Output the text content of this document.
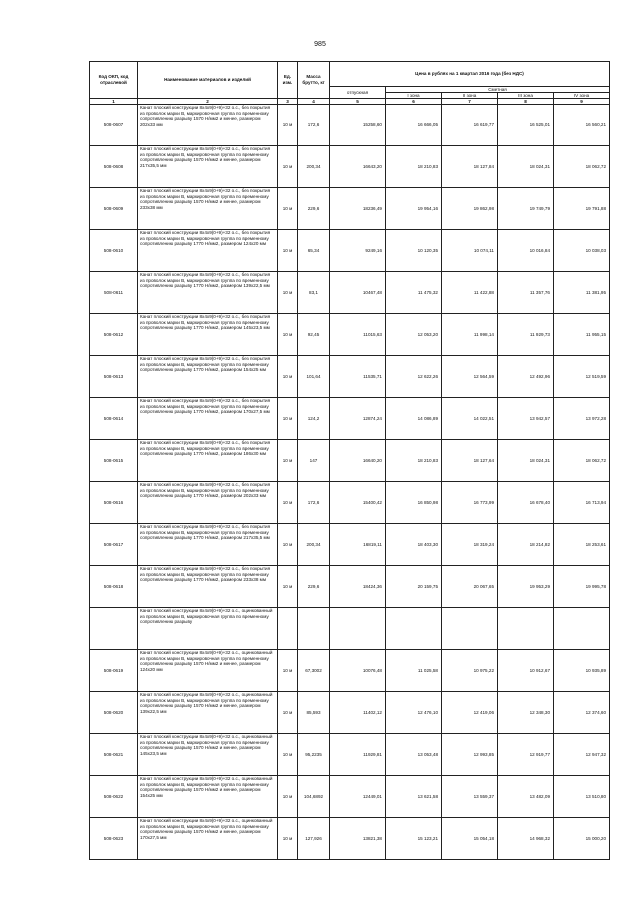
985
Код ОКП, код отраслевой	Наименование материалов и изделий	Ед. изм.	Масса брутто, кг	Цена в рублях на 1 квартал 2016 года (без НДС)				
				отпускная	Сметная			
					I зона	II зона	III зона	IV зона
1	2	3	4	5	6	7	8	9
508-0607	Канат плоский конструкции 8х4х9(0+9)+32 о.с., без покрытия из проволок марки В, маркировочная группа по временному сопротивлению разрыву 1570 Н/мм2 и менее, размером 202х33 мм	10 м	172,6	15258,60	16 666,05	16 619,77	16 525,01	16 560,21
508-0608	Канат плоский конструкции 8х4х9(0+9)+32 о.с., без покрытия из проволок марки В, маркировочная группа по временному сопротивлению разрыву 1570 Н/мм2 и менее, размером 217х35,5 мм	10 м	200,34	16643,20	18 210,83	18 127,84	18 024,31	18 062,72
508-0609	Канат плоский конструкции 8х4х9(0+9)+32 о.с., без покрытия из проволок марки В, маркировочная группа по временному сопротивлению разрыву 1570 Н/мм2 и менее, размером 233х38 мм	10 м	229,6	18236,49	19 954,16	19 862,98	19 749,79	19 791,88
508-0610	Канат плоский конструкции 8х4х9(0+9)+32 о.с., без покрытия из проволок марки В, маркировочная группа по временному сопротивлению разрыву 1770 Н/мм2, размером 124х20 мм	10 м	65,34	9249,16	10 120,35	10 074,11	10 016,84	10 038,03
508-0611	Канат плоский конструкции 8х4х9(0+9)+32 о.с., без покрытия из проволок марки В, маркировочная группа по временному сопротивлению разрыву 1770 Н/мм2, размером 139х22,5 мм	10 м	83,1	10467,48	11 475,32	11 422,88	11 357,76	11 381,95
508-0612	Канат плоский конструкции 8х4х9(0+9)+32 о.с., без покрытия из проволок марки В, маркировочная группа по временному сопротивлению разрыву 1770 Н/мм2, размером 145х23,5 мм	10 м	92,45	11015,63	12 053,20	11 998,14	11 929,73	11 955,15
508-0613	Канат плоский конструкции 8х4х9(0+9)+32 о.с., без покрытия из проволок марки В, маркировочная группа по временному сопротивлению разрыву 1770 Н/мм2, размером 154х25 мм	10 м	101,64	11535,71	12 622,26	12 564,59	12 492,96	12 519,59
508-0614	Канат плоский конструкции 8х4х9(0+9)+32 о.с., без покрытия из проволок марки В, маркировочная группа по временному сопротивлению разрыву 1770 Н/мм2, размером 170х27,5 мм	10 м	124,2	12874,24	14 086,89	14 022,51	13 942,57	13 972,28
508-0615	Канат плоский конструкции 8х4х9(0+9)+32 о.с., без покрытия из проволок марки В, маркировочная группа по временному сопротивлению разрыву 1770 Н/мм2, размером 186х30 мм	10 м	147	16640,20	18 210,83	18 127,64	18 024,31	18 062,72
508-0616	Канат плоский конструкции 8х4х9(0+9)+32 о.с., без покрытия из проволок марки В, маркировочная группа по временному сопротивлению разрыву 1770 Н/мм2, размером 202х33 мм	10 м	172,6	15400,42	16 850,98	16 773,99	16 678,40	16 713,94
508-0617	Канат плоский конструкции 8х4х9(0+9)+32 о.с., без покрытия из проволок марки В, маркировочная группа по временному сопротивлению разрыву 1770 Н/мм2, размером 217х35,5 мм	10 м	200,34	16819,11	18 403,30	18 319,24	18 214,82	18 253,61
508-0618	Канат плоский конструкции 8х4х9(0+9)+32 о.с., без покрытия из проволок марки В, маркировочная группа по временному сопротивлению разрыву 1770 Н/мм2, размером 233х38 мм	10 м	229,6	18424,36	20 159,75	20 067,65	19 953,29	19 995,78
	Канат плоский конструкции 8х4х9(0+9)+32 о.с., оцинкованный из проволок марки В, маркировочная группа по временному сопротивлению разрыву							
508-0619	Канат плоский конструкции 8х4х9(0+9)+32 о.с., оцинкованный из проволок марки В, маркировочная группа по временному сопротивлению разрыву 1570 Н/мм2 и менее, размером 124х20 мм	10 м	67,3002	10076,48	11 025,58	10 975,22	10 912,67	10 935,89
508-0620	Канат плоский конструкции 8х4х9(0+9)+32 о.с., оцинкованный из проволок марки В, маркировочная группа по временному сопротивлению разрыву 1570 Н/мм2 и менее, размером 139х22,5 мм	10 м	85,593	11402,12	12 476,10	12 419,06	12 348,30	12 374,60
508-0621	Канат плоский конструкции 8х4х9(0+9)+32 о.с., оцинкованный из проволок марки В, маркировочная группа по временному сопротивлению разрыву 1570 Н/мм2 и менее, размером 145х23,5 мм	10 м	95,2235	11929,81	13 053,48	12 993,85	12 919,77	12 947,32
508-0622	Канат плоский конструкции 8х4х9(0+9)+32 о.с., оцинкованный из проволок марки В, маркировочная группа по временному сопротивлению разрыву 1570 Н/мм2 и менее, размером 154х25 мм	10 м	104,6892	12449,01	13 621,58	13 559,37	13 482,09	13 510,80
508-0623	Канат плоский конструкции 8х4х9(0+9)+32 о.с., оцинкованный из проволок марки В, маркировочная группа по временному сопротивлению разрыву 1570 Н/мм2 и менее, размером 170х27,5 мм	10 м	127,926	13821,38	15 123,21	15 054,18	14 968,32	15 000,20
